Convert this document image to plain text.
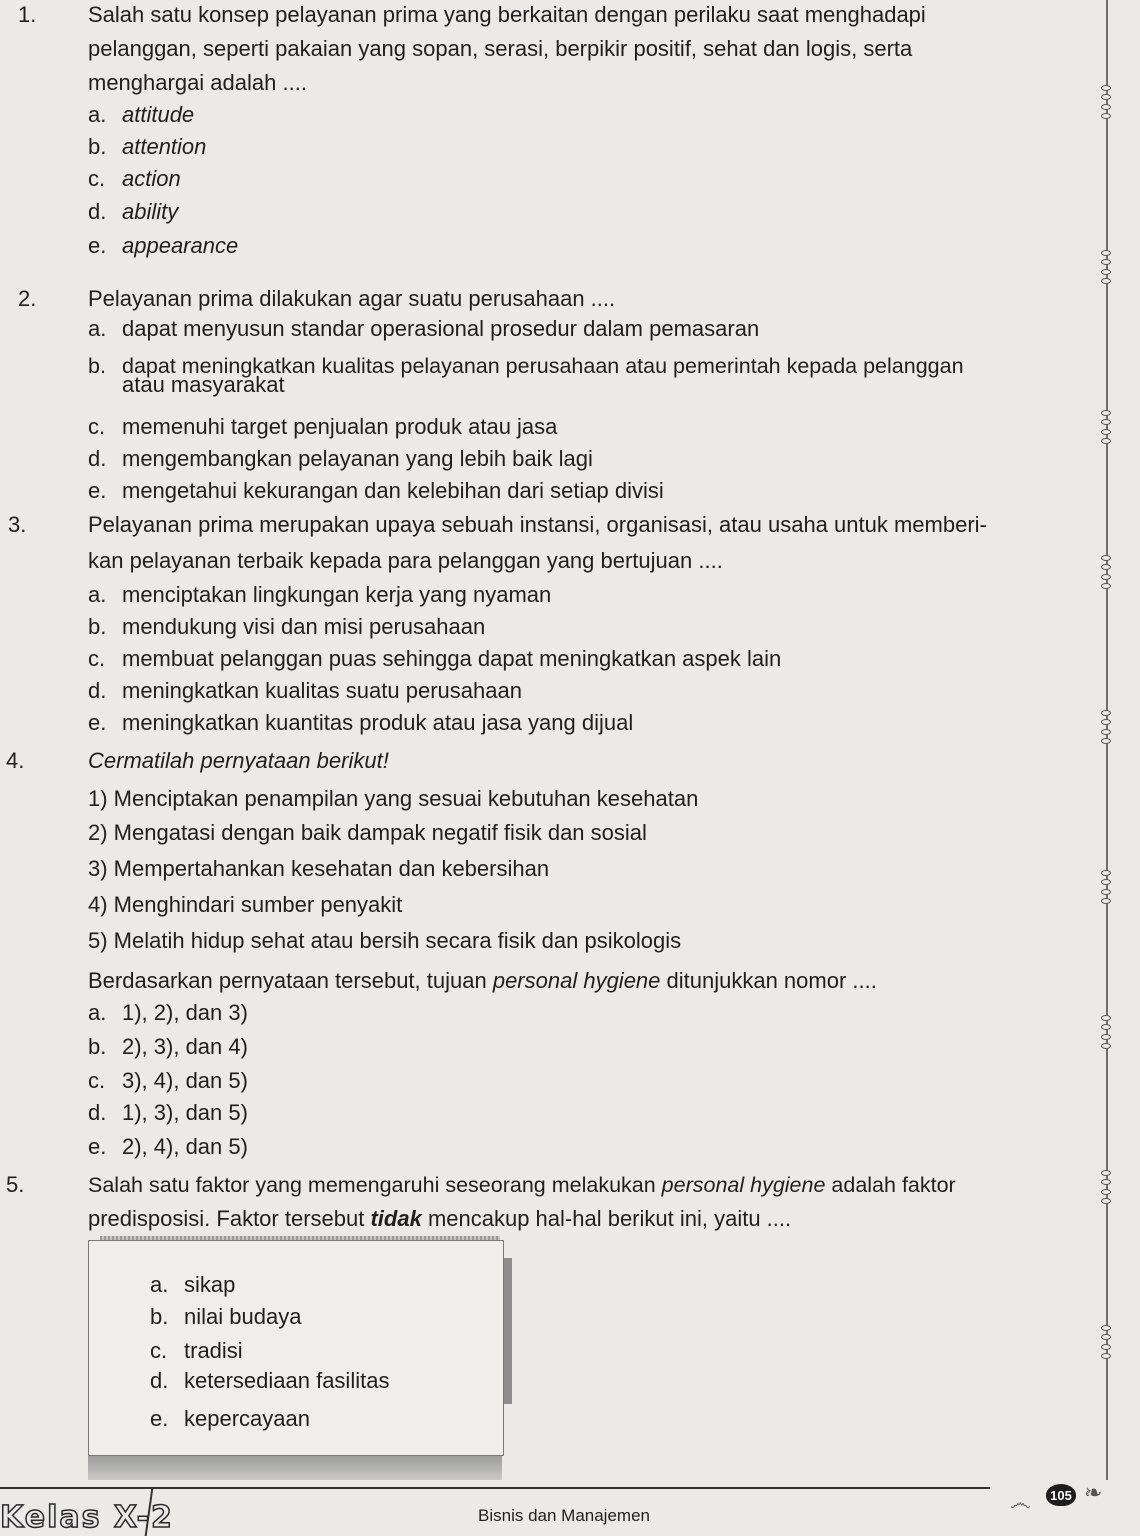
1. Salah satu konsep pelayanan prima yang berkaitan dengan perilaku saat menghadapi
pelanggan, seperti pakaian yang sopan, serasi, berpikir positif, sehat dan logis, serta
menghargai adalah ....
a. attitude
b. attention
c. action
d. ability
e. appearance
2. Pelayanan prima dilakukan agar suatu perusahaan ....
a. dapat menyusun standar operasional prosedur dalam pemasaran
b. dapat meningkatkan kualitas pelayanan perusahaan atau pemerintah kepada pelanggan
atau masyarakat
c. memenuhi target penjualan produk atau jasa
d. mengembangkan pelayanan yang lebih baik lagi
e. mengetahui kekurangan dan kelebihan dari setiap divisi
3.	Pelayanan prima merupakan upaya sebuah instansi, organisasi, atau usaha untuk memberi-
kan pelayanan terbaik kepada para pelanggan yang bertujuan ....
a. menciptakan lingkungan kerja yang nyaman
b. mendukung visi dan misi perusahaan
c. membuat pelanggan puas sehingga dapat meningkatkan aspek lain
d. meningkatkan kualitas suatu perusahaan
e. meningkatkan kuantitas produk atau jasa yang dijual
4.	Cermatilah pernyataan berikut!
1) Menciptakan penampilan yang sesuai kebutuhan kesehatan
2) Mengatasi dengan baik dampak negatif fisik dan sosial
3) Mempertahankan kesehatan dan kebersihan
4) Menghindari sumber penyakit
5) Melatih hidup sehat atau bersih secara fisik dan psikologis
Berdasarkan pernyataan tersebut, tujuan personal hygiene ditunjukkan nomor ....
a. 1), 2), dan 3)
b. 2), 3), dan 4)
c. 3), 4), dan 5)
d. 1), 3), dan 5)
e. 2), 4), dan 5)
5.	Salah satu faktor yang memengaruhi seseorang melakukan personal hygiene adalah faktor
predisposisi. Faktor tersebut tidak mencakup hal-hal berikut ini, yaitu ....
a. sikap
b. nilai budaya
c. tradisi
d. ketersediaan fasilitas
e. kepercayaan
Kelas X-2	Bisnis dan Manajemen
෴	105 ❧
